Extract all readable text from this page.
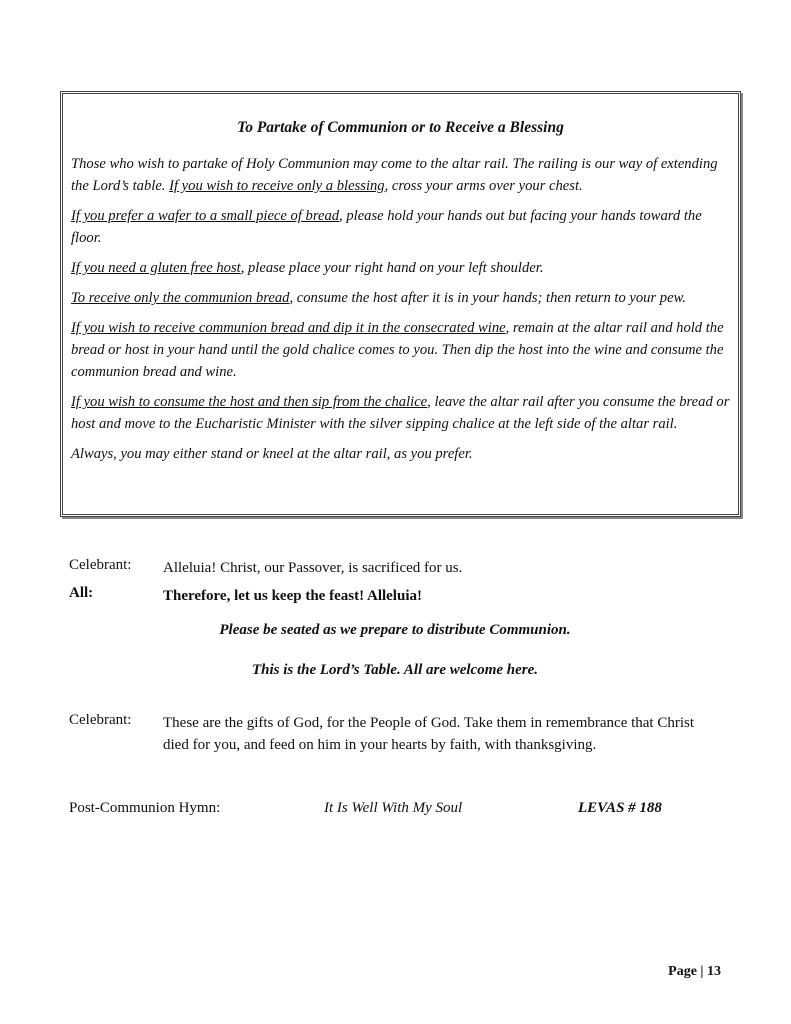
To Partake of Communion or to Receive a Blessing

Those who wish to partake of Holy Communion may come to the altar rail. The railing is our way of extending the Lord’s table. If you wish to receive only a blessing, cross your arms over your chest.

If you prefer a wafer to a small piece of bread, please hold your hands out but facing your hands toward the floor.

If you need a gluten free host, please place your right hand on your left shoulder.

To receive only the communion bread, consume the host after it is in your hands; then return to your pew.

If you wish to receive communion bread and dip it in the consecrated wine, remain at the altar rail and hold the bread or host in your hand until the gold chalice comes to you. Then dip the host into the wine and consume the communion bread and wine.

If you wish to consume the host and then sip from the chalice, leave the altar rail after you consume the bread or host and move to the Eucharistic Minister with the silver sipping chalice at the left side of the altar rail.

Always, you may either stand or kneel at the altar rail, as you prefer.

Celebrant:	Alleluia! Christ, our Passover, is sacrificed for us.
All:	Therefore, let us keep the feast! Alleluia!
Please be seated as we prepare to distribute Communion.
This is the Lord’s Table. All are welcome here.
Celebrant:	These are the gifts of God, for the People of God. Take them in remembrance that Christ died for you, and feed on him in your hearts by faith, with thanksgiving.
Post-Communion Hymn:	It Is Well With My Soul	LEVAS # 188
Page | 13
